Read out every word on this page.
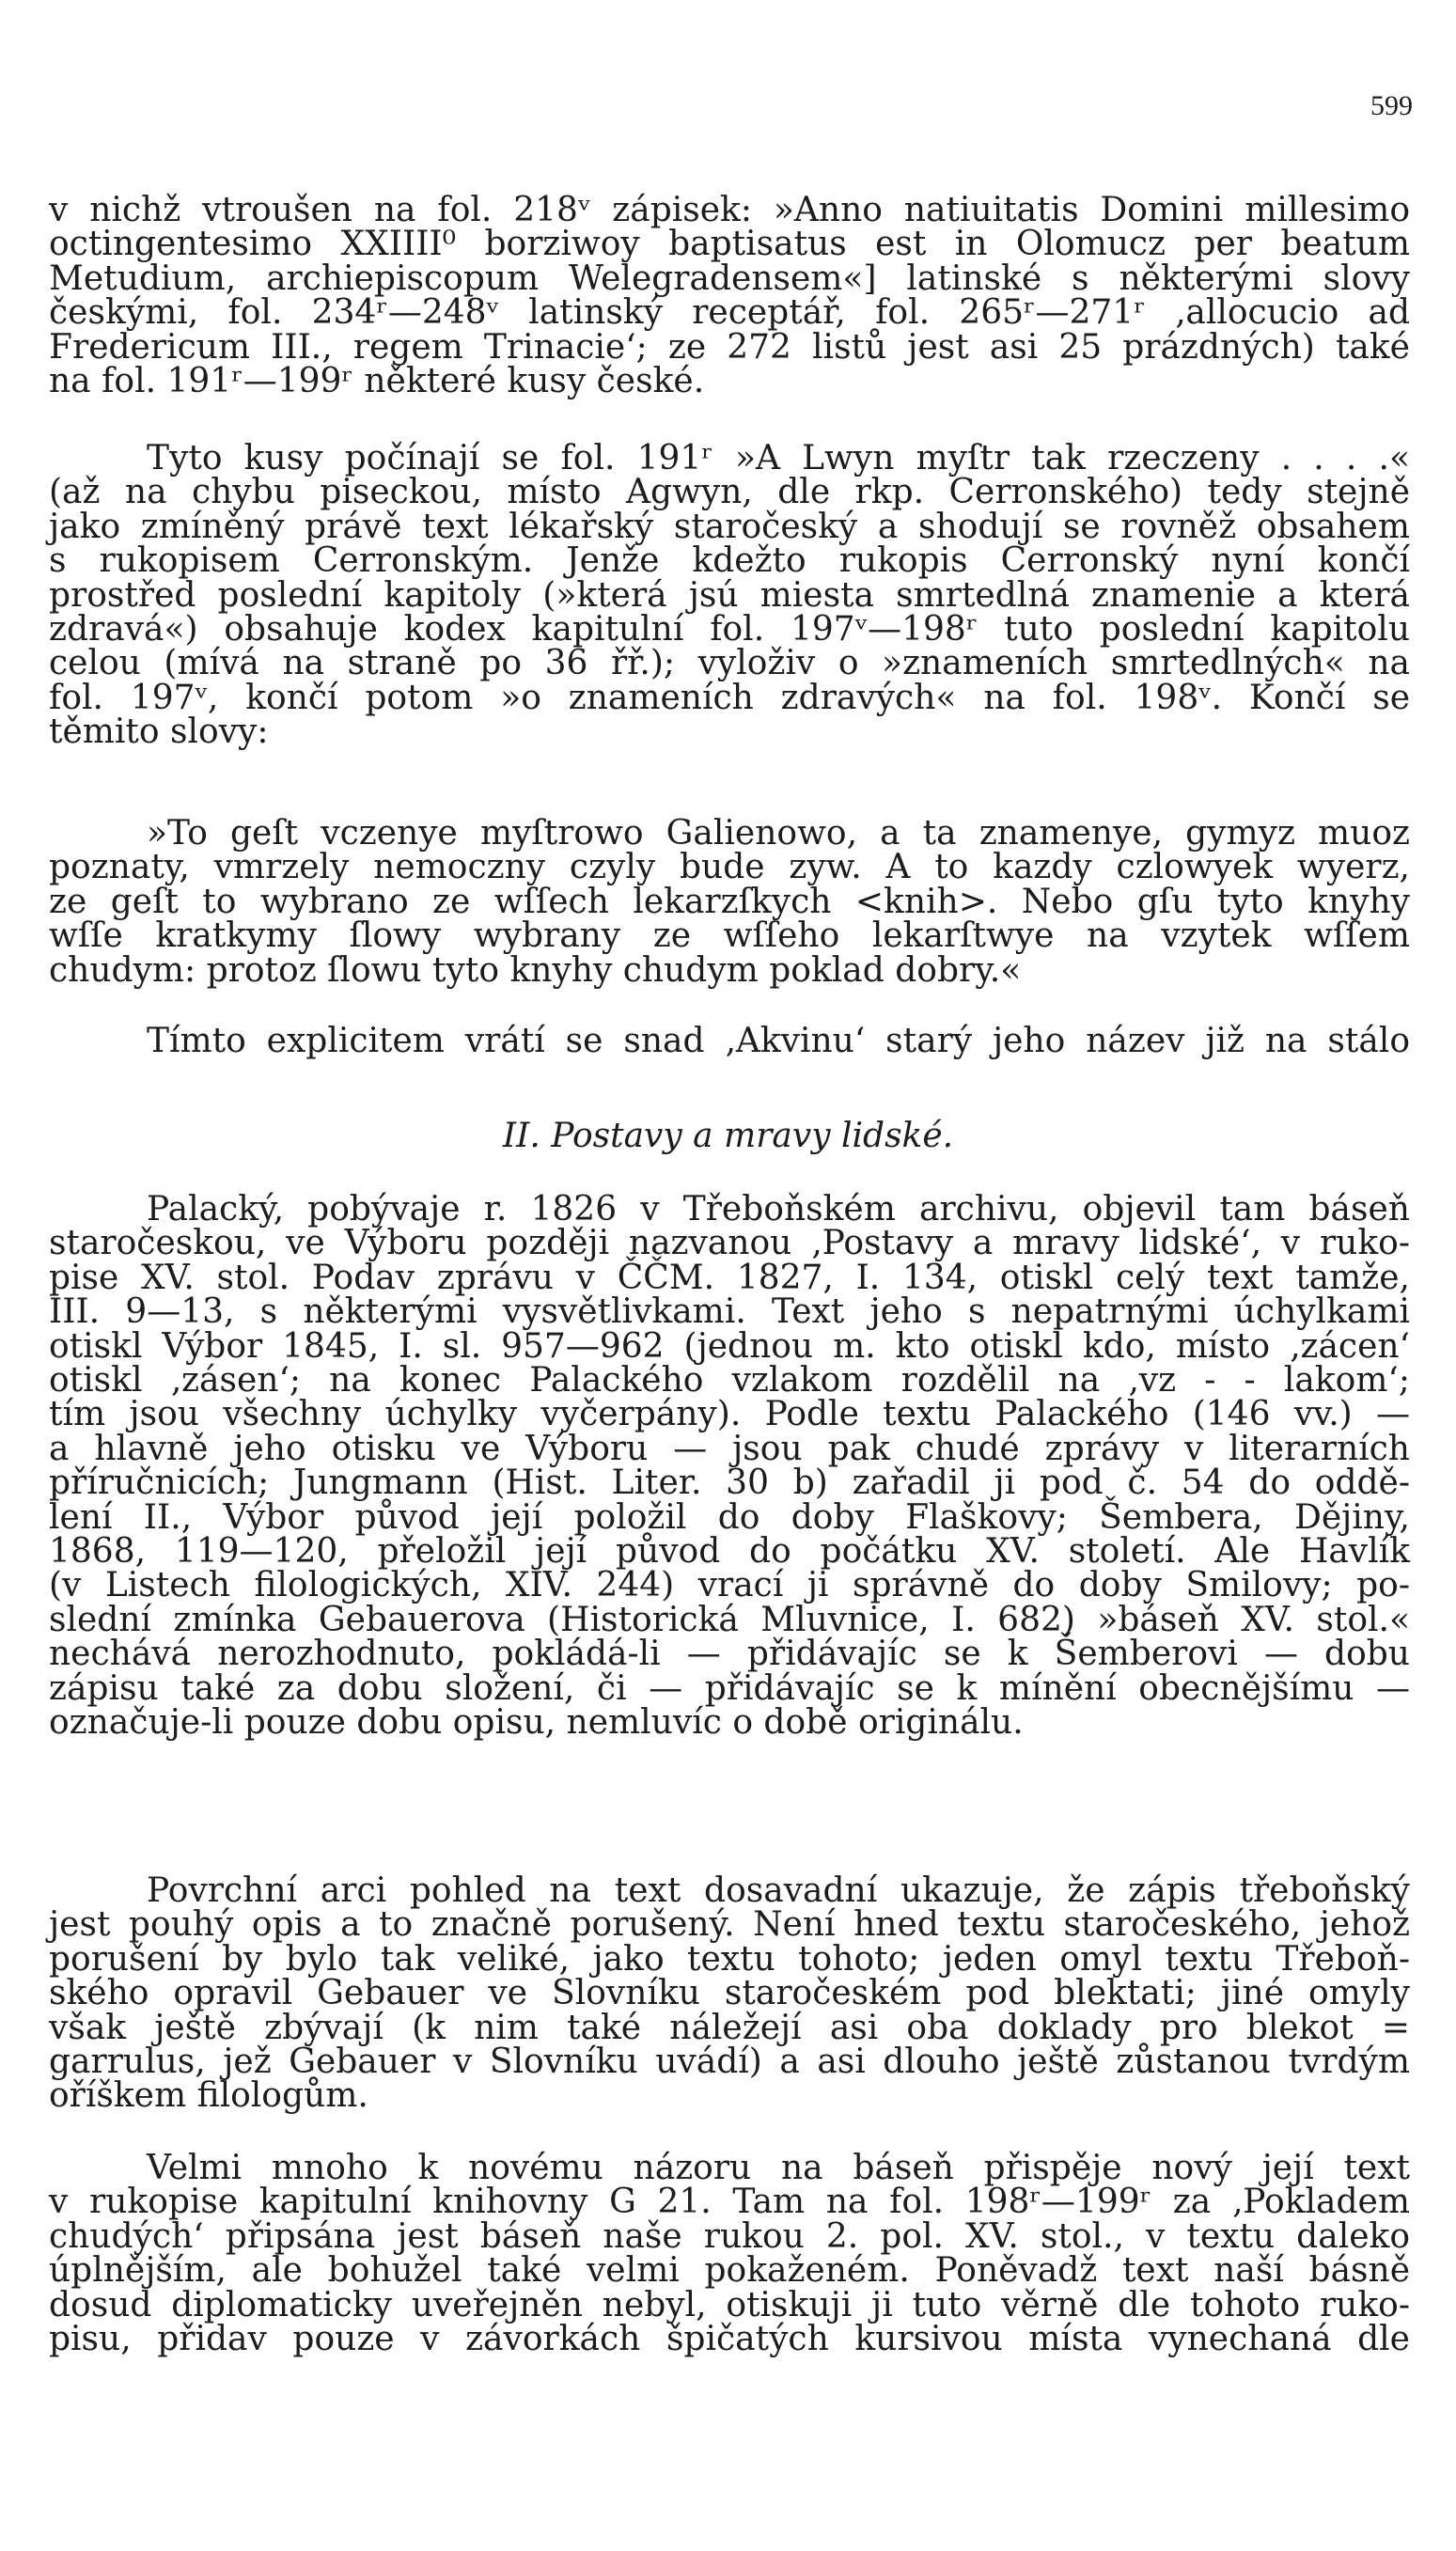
599
v nichž vtroušen na fol. 218ᵛ zápisek: »Anno natiuitatis Domini millesimo
octingentesimo XXIIII⁰ borziwoy baptisatus est in Olomucz per beatum
Metudium, archiepiscopum Welegradensem«] latinské s některými slovy
českými, fol. 234ʳ—248ᵛ latinský receptář, fol. 265ʳ—271ʳ ‚allocucio ad
Fredericum III., regem Trinacie‘; ze 272 listů jest asi 25 prázdných) také
na fol. 191ʳ—199ʳ některé kusy české.
Tyto kusy počínají se fol. 191ʳ »A Lwyn myſtr tak rzeczeny . . . .«
(až na chybu piseckou, místo Agwyn, dle rkp. Cerronského) tedy stejně
jako zmíněný právě text lékařský staročeský a shodují se rovněž obsahem
s rukopisem Cerronským. Jenže kdežto rukopis Cerronský nyní končí
prostřed poslední kapitoly (»která jsú miesta smrtedlná znamenie a která
zdravá«) obsahuje kodex kapitulní fol. 197ᵛ—198ʳ tuto poslední kapitolu
celou (mívá na straně po 36 řř.); vyloživ o »znameních smrtedlných« na
fol. 197ᵛ, končí potom »o znameních zdravých« na fol. 198ᵛ. Končí se
těmito slovy:
»To geſt vczenye myſtrowo Galienowo, a ta znamenye, gymyz muoz
poznaty, vmrzely nemoczny czyly bude zyw. A to kazdy czlowyek wyerz,
ze geſt to wybrano ze wſſech lekarzſkych <knih>. Nebo gſu tyto knyhy
wſſe kratkymy ſlowy wybrany ze wſſeho lekarſtwye na vzytek wſſem
chudym: protoz ſlowu tyto knyhy chudym poklad dobry.«
Tímto explicitem vrátí se snad ‚Akvinu‘ starý jeho název již na stálo
II. Postavy a mravy lidské.
Palacký, pobývaje r. 1826 v Třeboňském archivu, objevil tam báseň
staročeskou, ve Výboru později nazvanou ‚Postavy a mravy lidské‘, v ruko-
pise XV. stol. Podav zprávu v ČČM. 1827, I. 134, otiskl celý text tamže,
III. 9—13, s některými vysvětlivkami. Text jeho s nepatrnými úchylkami
otiskl Výbor 1845, I. sl. 957—962 (jednou m. kto otiskl kdo, místo ‚zácen‘
otiskl ‚zásen‘; na konec Palackého vzlakom rozdělil na ‚vz - - lakom‘;
tím jsou všechny úchylky vyčerpány). Podle textu Palackého (146 vv.) —
a hlavně jeho otisku ve Výboru — jsou pak chudé zprávy v literarních
příručnicích; Jungmann (Hist. Liter. 30 b) zařadil ji pod č. 54 do oddě-
lení II., Výbor původ její položil do doby Flaškovy; Šembera, Dějiny,
1868, 119—120, přeložil její původ do počátku XV. století. Ale Havlík
(v Listech filologických, XIV. 244) vrací ji správně do doby Smilovy; po-
slední zmínka Gebauerova (Historická Mluvnice, I. 682) »báseň XV. stol.«
nechává nerozhodnuto, pokládá-li — přidávajíc se k Šemberovi — dobu
zápisu také za dobu složení, či — přidávajíc se k mínění obecnějšímu —
označuje-li pouze dobu opisu, nemluvíc o době originálu.
Povrchní arci pohled na text dosavadní ukazuje, že zápis třeboňský
jest pouhý opis a to značně porušený. Není hned textu staročeského, jehož
porušení by bylo tak veliké, jako textu tohoto; jeden omyl textu Třeboň-
ského opravil Gebauer ve Slovníku staročeském pod blektati; jiné omyly
však ještě zbývají (k nim také náležejí asi oba doklady pro blekot =
garrulus, jež Gebauer v Slovníku uvádí) a asi dlouho ještě zůstanou tvrdým
oříškem filologům.
Velmi mnoho k novému názoru na báseň přispěje nový její text
v rukopise kapitulní knihovny G 21. Tam na fol. 198ʳ—199ʳ za ‚Pokladem
chudých‘ připsána jest báseň naše rukou 2. pol. XV. stol., v textu daleko
úplnějším, ale bohužel také velmi pokaženém. Poněvadž text naší básně
dosud diplomaticky uveřejněn nebyl, otiskuji ji tuto věrně dle tohoto ruko-
pisu, přidav pouze v závorkách špičatých kursivou místa vynechaná dle
